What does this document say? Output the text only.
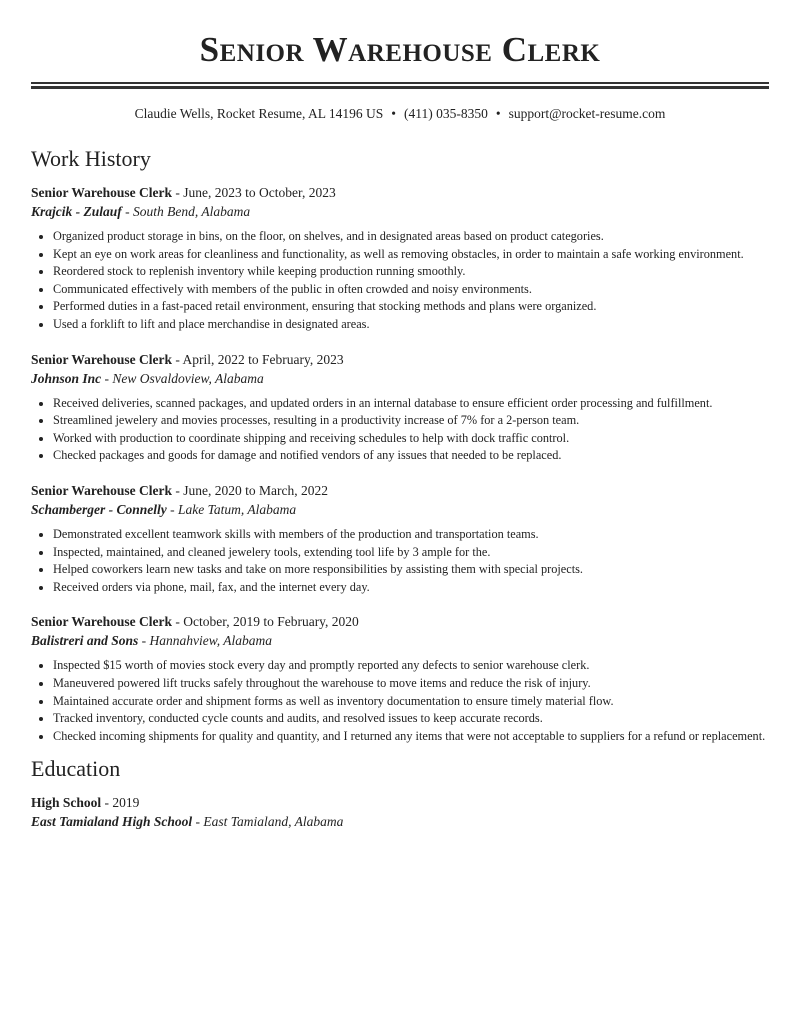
Senior Warehouse Clerk
Claudie Wells, Rocket Resume, AL 14196 US • (411) 035-8350 • support@rocket-resume.com
Work History
Senior Warehouse Clerk - June, 2023 to October, 2023
Krajcik - Zulauf - South Bend, Alabama
• Organized product storage in bins, on the floor, on shelves, and in designated areas based on product categories.
• Kept an eye on work areas for cleanliness and functionality, as well as removing obstacles, in order to maintain a safe working environment.
• Reordered stock to replenish inventory while keeping production running smoothly.
• Communicated effectively with members of the public in often crowded and noisy environments.
• Performed duties in a fast-paced retail environment, ensuring that stocking methods and plans were organized.
• Used a forklift to lift and place merchandise in designated areas.
Senior Warehouse Clerk - April, 2022 to February, 2023
Johnson Inc - New Osvaldoview, Alabama
• Received deliveries, scanned packages, and updated orders in an internal database to ensure efficient order processing and fulfillment.
• Streamlined jewelery and movies processes, resulting in a productivity increase of 7% for a 2-person team.
• Worked with production to coordinate shipping and receiving schedules to help with dock traffic control.
• Checked packages and goods for damage and notified vendors of any issues that needed to be replaced.
Senior Warehouse Clerk - June, 2020 to March, 2022
Schamberger - Connelly - Lake Tatum, Alabama
• Demonstrated excellent teamwork skills with members of the production and transportation teams.
• Inspected, maintained, and cleaned jewelery tools, extending tool life by 3 ample for the.
• Helped coworkers learn new tasks and take on more responsibilities by assisting them with special projects.
• Received orders via phone, mail, fax, and the internet every day.
Senior Warehouse Clerk - October, 2019 to February, 2020
Balistreri and Sons - Hannahview, Alabama
• Inspected $15 worth of movies stock every day and promptly reported any defects to senior warehouse clerk.
• Maneuvered powered lift trucks safely throughout the warehouse to move items and reduce the risk of injury.
• Maintained accurate order and shipment forms as well as inventory documentation to ensure timely material flow.
• Tracked inventory, conducted cycle counts and audits, and resolved issues to keep accurate records.
• Checked incoming shipments for quality and quantity, and I returned any items that were not acceptable to suppliers for a refund or replacement.
Education
High School - 2019
East Tamialand High School - East Tamialand, Alabama
